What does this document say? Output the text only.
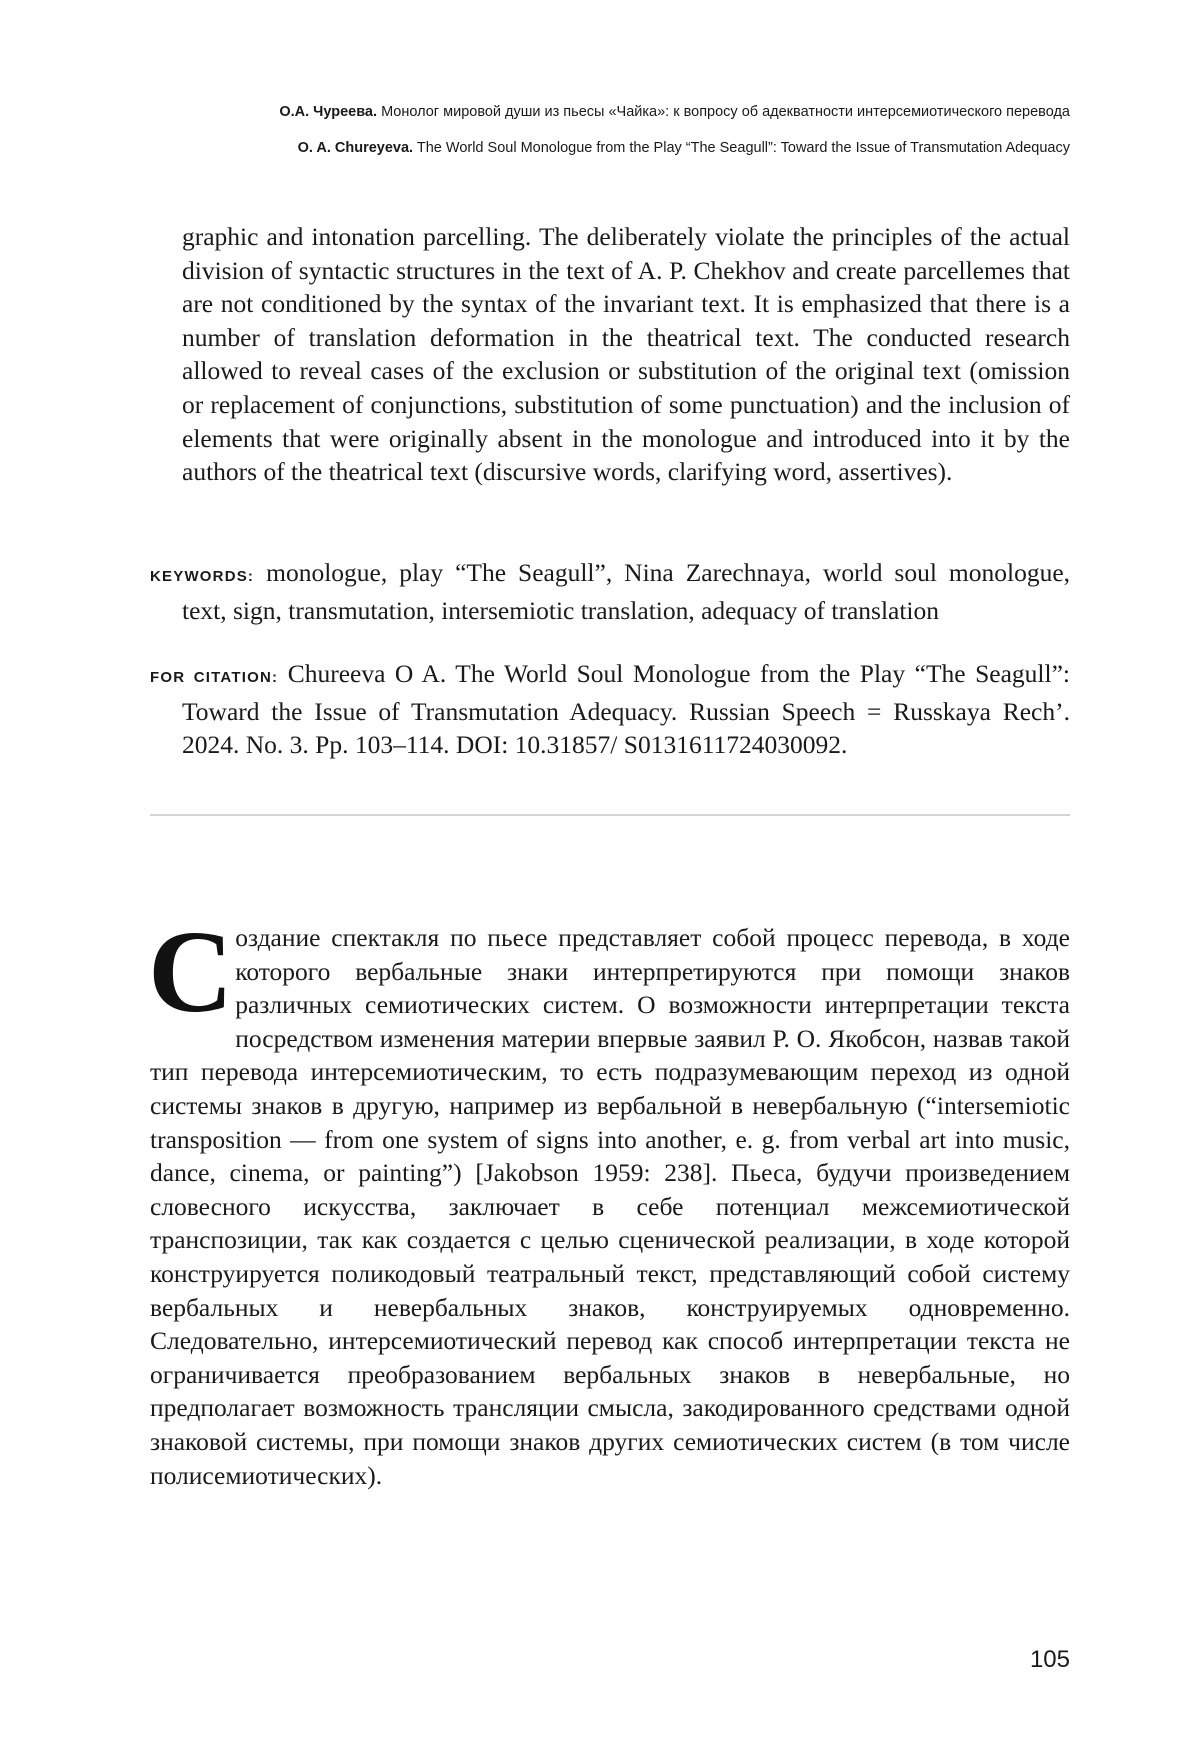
О.А. Чуреева. Монолог мировой души из пьесы «Чайка»: к вопросу об адекватности интерсемиотического перевода
O. A. Chureyeva. The World Soul Monologue from the Play “The Seagull”: Toward the Issue of Transmutation Adequacy

graphic and intonation parcelling. The deliberately violate the principles of the actual division of syntactic structures in the text of A. P. Chekhov and create parcellemes that are not conditioned by the syntax of the invariant text. It is emphasized that there is a number of translation deformation in the theatrical text. The conducted research allowed to reveal cases of the exclusion or substitution of the original text (omission or replacement of conjunctions, substitution of some punctuation) and the inclusion of elements that were originally absent in the monologue and introduced into it by the authors of the theatrical text (discursive words, clarifying word, assertives).

KEYWORDS: monologue, play “The Seagull”, Nina Zarechnaya, world soul monologue, text, sign, transmutation, intersemiotic translation, adequacy of translation

FOR CITATION: Chureeva O A. The World Soul Monologue from the Play “The Seagull”: Toward the Issue of Transmutation Adequacy. Russian Speech = Russkaya Rech’. 2024. No. 3. Pp. 103–114. DOI: 10.31857/ S0131611724030092.

Создание спектакля по пьесе представляет собой процесс перевода, в ходе которого вербальные знаки интерпретируются при помощи знаков различных семиотических систем. О возможности интерпретации текста посредством изменения материи впервые заявил Р. О. Якобсон, назвав такой тип перевода интерсемиотическим, то есть подразумевающим переход из одной системы знаков в другую, например из вербальной в невербальную (“intersemiotic transposition — from one system of signs into another, e. g. from verbal art into music, dance, cinema, or painting”) [Jakobson 1959: 238]. Пьеса, будучи произведением словесного искусства, заключает в себе потенциал межсемиотической транспозиции, так как создается с целью сценической реализации, в ходе которой конструируется поликодовый театральный текст, представляющий собой систему вербальных и невербальных знаков, конструируемых одновременно. Следовательно, интерсемиотический перевод как способ интерпретации текста не ограничивается преобразованием вербальных знаков в невербальные, но предполагает возможность трансляции смысла, закодированного средствами одной знаковой системы, при помощи знаков других семиотических систем (в том числе полисемиотических).

105
